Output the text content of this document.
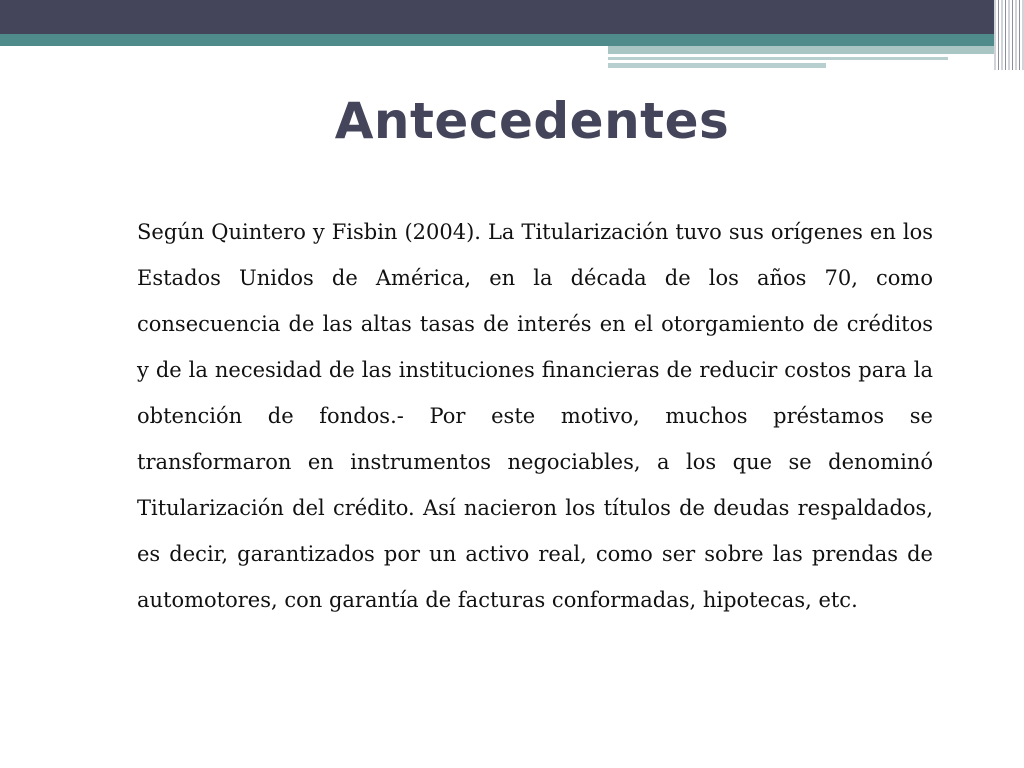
Antecedentes

Según Quintero y Fisbin (2004). La Titularización tuvo sus orígenes en los Estados Unidos de América, en la década de los años 70, como consecuencia de las altas tasas de interés en el otorgamiento de créditos y de la necesidad de las instituciones financieras de reducir costos para la obtención de fondos.- Por este motivo, muchos préstamos se transformaron en instrumentos negociables, a los que se denominó Titularización del crédito. Así nacieron los títulos de deudas respaldados, es decir, garantizados por un activo real, como ser sobre las prendas de automotores, con garantía de facturas conformadas, hipotecas, etc.
